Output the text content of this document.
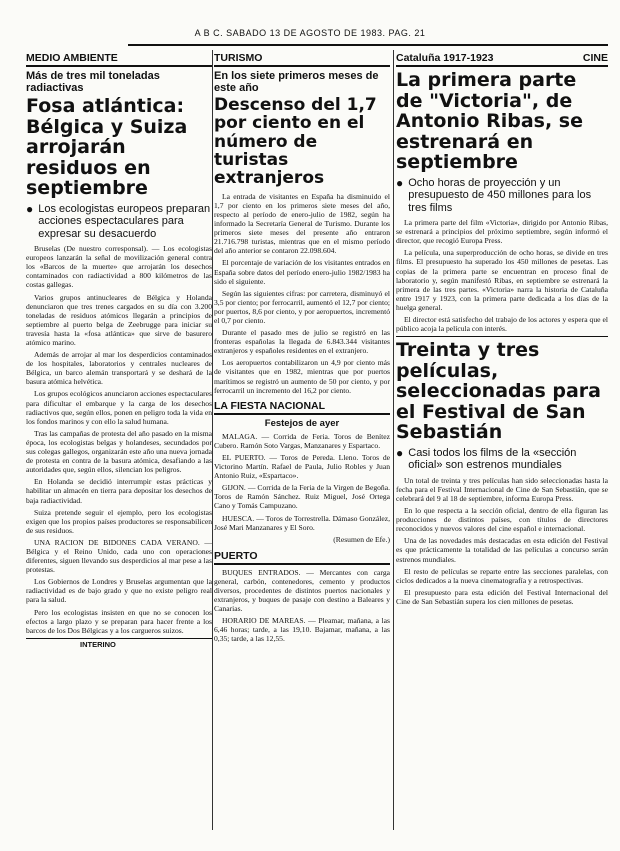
A B C. SABADO 13 DE AGOSTO DE 1983. PAG. 21
MEDIO AMBIENTE
Más de tres mil toneladas radiactivas
Fosa atlántica: Bélgica y Suiza arrojarán residuos en septiembre
● Los ecologistas europeos preparan acciones espectaculares para expresar su desacuerdo

Bruselas (De nuestro corresponsal). — Los ecologistas europeos lanzarán la señal de movilización general contra los «Barcos de la muerte» que arrojarán los desechos contaminados con radiactividad a 800 kilómetros de las costas gallegas.

Varios grupos antinucleares de Bélgica y Holanda denunciaron que tres trenes cargados en su día con 3.200 toneladas de residuos atómicos llegarán a principios de septiembre al puerto belga de Zeebrugge para iniciar su travesía hasta la «fosa atlántica» que sirve de basurero atómico marino.

Además de arrojar al mar los desperdicios contaminados de los hospitales, laboratorios y centrales nucleares de Bélgica, un barco alemán transportará y se deshará de la basura atómica helvética.

Los grupos ecológicos anunciaron acciones espectaculares para dificultar el embarque y la carga de los desechos radiactivos que, según ellos, ponen en peligro toda la vida en los fondos marinos y con ello la salud humana.

Tras las campañas de protesta del año pasado en la misma época, los ecologistas belgas y holandeses, secundados por sus colegas gallegos, organizarán este año una nueva jornada de protesta en contra de la basura atómica, desafiando a las autoridades que, según ellos, silencian los peligros.

En Holanda se decidió interrumpir estas prácticas y habilitar un almacén en tierra para depositar los desechos de baja radiactividad.

Suiza pretende seguir el ejemplo, pero los ecologistas exigen que los propios países productores se responsabilicen de sus residuos.

UNA RACION DE BIDONES CADA VERANO. — Bélgica y el Reino Unido, cada uno con operaciones diferentes, siguen llevando sus desperdicios al mar pese a las protestas.

Los Gobiernos de Londres y Bruselas argumentan que la radiactividad es de bajo grado y que no existe peligro real para la salud.

Pero los ecologistas insisten en que no se conocen los efectos a largo plazo y se preparan para hacer frente a los barcos de los Dos Bélgicas y a los cargueros suizos.

INTERINO
TURISMO
En los siete primeros meses de este año
Descenso del 1,7 por ciento en el número de turistas extranjeros

La entrada de visitantes en España ha disminuido el 1,7 por ciento en los primeros siete meses del año, respecto al período de enero-julio de 1982, según ha informado la Secretaría General de Turismo. Durante los primeros siete meses del presente año entraron 21.716.798 turistas, mientras que en el mismo período del año anterior se contaron 22.098.604.

El porcentaje de variación de los visitantes entrados en España sobre datos del período enero-julio 1982/1983 ha sido el siguiente.

Según las siguientes cifras: por carretera, disminuyó el 3,5 por ciento; por ferrocarril, aumentó el 12,7 por ciento; por puertos, 8,6 por ciento, y por aeropuertos, incrementó el 0,7 por ciento.

Durante el pasado mes de julio se registró en las fronteras españolas la llegada de 6.843.344 visitantes extranjeros y españoles residentes en el extranjero.

Los aeropuertos contabilizaron un 4,9 por ciento más de visitantes que en 1982, mientras que por puertos marítimos se registró un aumento de 50 por ciento, y por ferrocarril un incremento del 16,2 por ciento.

LA FIESTA NACIONAL
Festejos de ayer

MALAGA. — Corrida de Feria. Toros de Benítez Cubero. Ramón Soto Vargas, Manzanares y Espartaco.

EL PUERTO. — Toros de Pereda. Lleno. Toros de Victorino Martín. Rafael de Paula, Julio Robles y Juan Antonio Ruiz, «Espartaco».

GIJON. — Corrida de la Feria de la Virgen de Begoña. Toros de Ramón Sánchez. Ruiz Miguel, José Ortega Cano y Tomás Campuzano.

HUESCA. — Toros de Torrestrella. Dámaso González, José Mari Manzanares y El Soro.

(Resumen de Efe.)
PUERTO

BUQUES ENTRADOS. — Mercantes con carga general, carbón, contenedores, cemento y productos diversos, procedentes de distintos puertos nacionales y extranjeros, y buques de pasaje con destino a Baleares y Canarias.

HORARIO DE MAREAS. — Pleamar, mañana, a las 6,46 horas; tarde, a las 19,10. Bajamar, mañana, a las 0,35; tarde, a las 12,55.

Cataluña 1917-1923	CINE
La primera parte de "Victoria", de Antonio Ribas, se estrenará en septiembre
● Ocho horas de proyección y un presupuesto de 450 millones para los tres films

La primera parte del film «Victoria», dirigido por Antonio Ribas, se estrenará a principios del próximo septiembre, según informó el director, que recogió Europa Press.

La película, una superproducción de ocho horas, se divide en tres films. El presupuesto ha superado los 450 millones de pesetas. Las copias de la primera parte se encuentran en proceso final de laboratorio y, según manifestó Ribas, en septiembre se estrenará la primera de las tres partes. «Victoria» narra la historia de Cataluña entre 1917 y 1923, con la primera parte dedicada a los días de la huelga general.

El director está satisfecho del trabajo de los actores y espera que el público acoja la película con interés.

Treinta y tres películas, seleccionadas para el Festival de San Sebastián
● Casi todos los films de la «sección oficial» son estrenos mundiales

Un total de treinta y tres películas han sido seleccionadas hasta la fecha para el Festival Internacional de Cine de San Sebastián, que se celebrará del 9 al 18 de septiembre, informa Europa Press.

En lo que respecta a la sección oficial, dentro de ella figuran las producciones de distintos países, con títulos de directores reconocidos y nuevos valores del cine español e internacional.

Una de las novedades más destacadas en esta edición del Festival es que prácticamente la totalidad de las películas a concurso serán estrenos mundiales.

El resto de películas se reparte entre las secciones paralelas, con ciclos dedicados a la nueva cinematografía y a retrospectivas.

El presupuesto para esta edición del Festival Internacional del Cine de San Sebastián supera los cien millones de pesetas.
